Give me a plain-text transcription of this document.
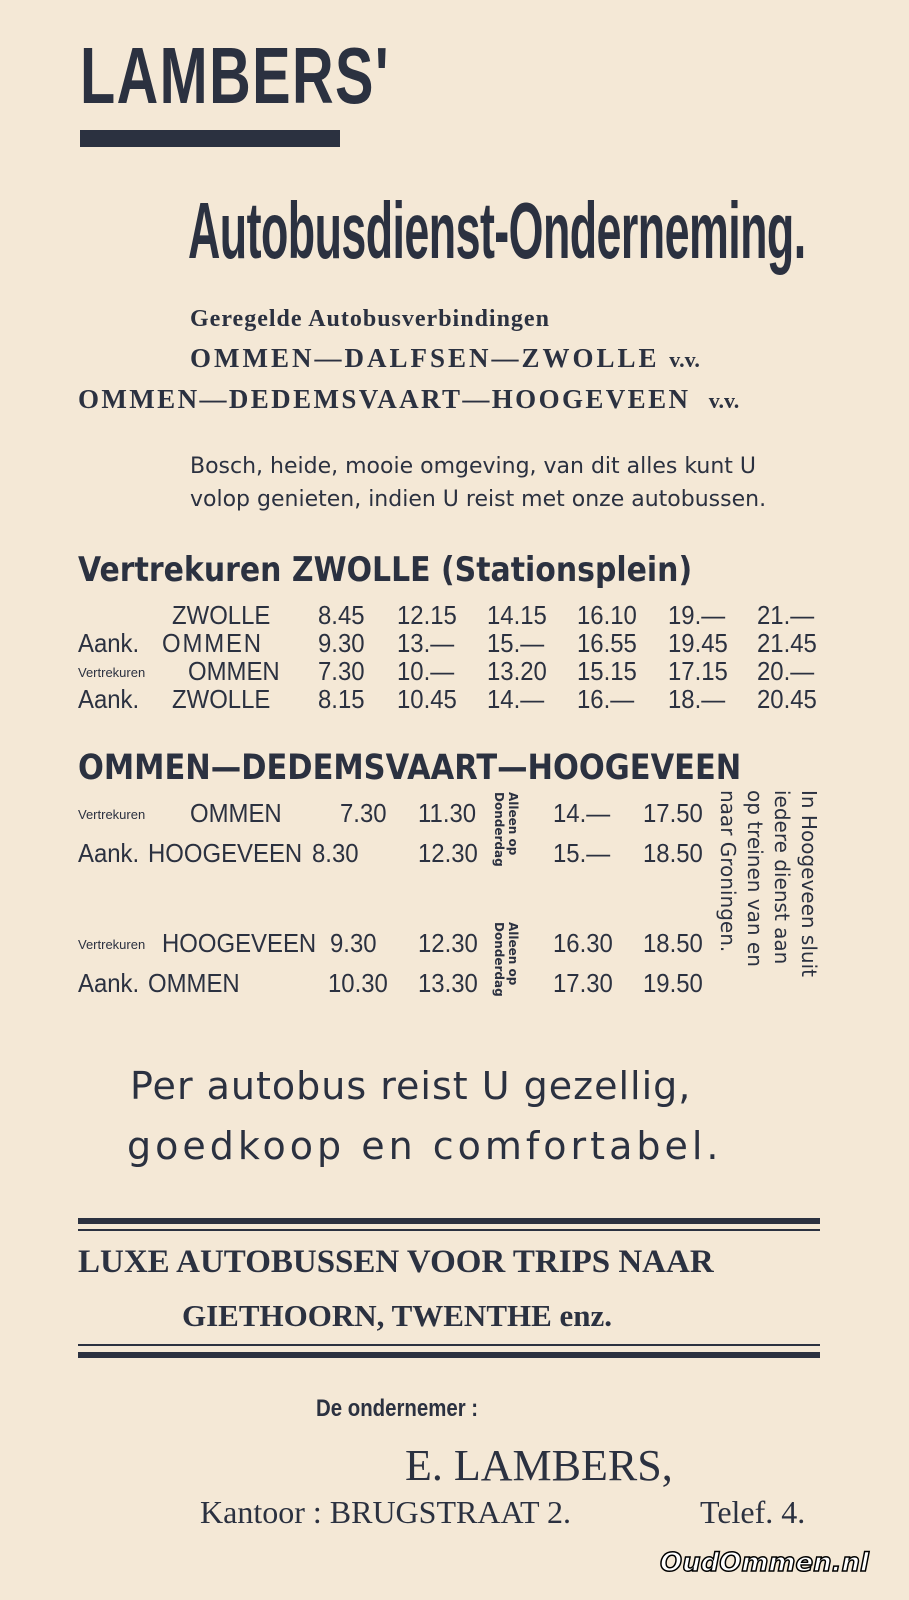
LAMBERS'
Autobusdienst-Onderneming.
Geregelde Autobusverbindingen
OMMEN—DALFSEN—ZWOLLE v.v.
OMMEN—DEDEMSVAART—HOOGEVEEN v.v.
Bosch, heide, mooie omgeving, van dit alles kunt U
volop genieten, indien U reist met onze autobussen.
Vertrekuren ZWOLLE (Stationsplein)
ZWOLLE 8.45 12.15 14.15 16.10 19.— 21.—
Aank. OMMEN 9.30 13.— 15.— 16.55 19.45 21.45
Vertrekuren OMMEN 7.30 10.— 13.20 15.15 17.15 20.—
Aank. ZWOLLE 8.15 10.45 14.— 16.— 18.— 20.45
OMMEN—DEDEMSVAART—HOOGEVEEN
Vertrekuren OMMEN 7.30 11.30	14.— 17.50
Aank. HOOGEVEEN 8.30 12.30	15.— 18.50
Vertrekuren HOOGEVEEN 9.30 12.30	16.30 18.50
Aank. OMMEN	10.30 13.30	17.30 19.50
Alleen op
Donderdag
Alleen op
Donderdag	In Hoogeveen sluit
iedere dienst aan
op treinen van en
naar Groningen.
Per autobus reist U gezellig,
goedkoop en comfortabel.
LUXE AUTOBUSSEN VOOR TRIPS NAAR
GIETHOORN, TWENTHE enz.
De ondernemer :
E. LAMBERS,
Kantoor : BRUGSTRAAT 2.	Telef. 4.
OudOmmen.nl
